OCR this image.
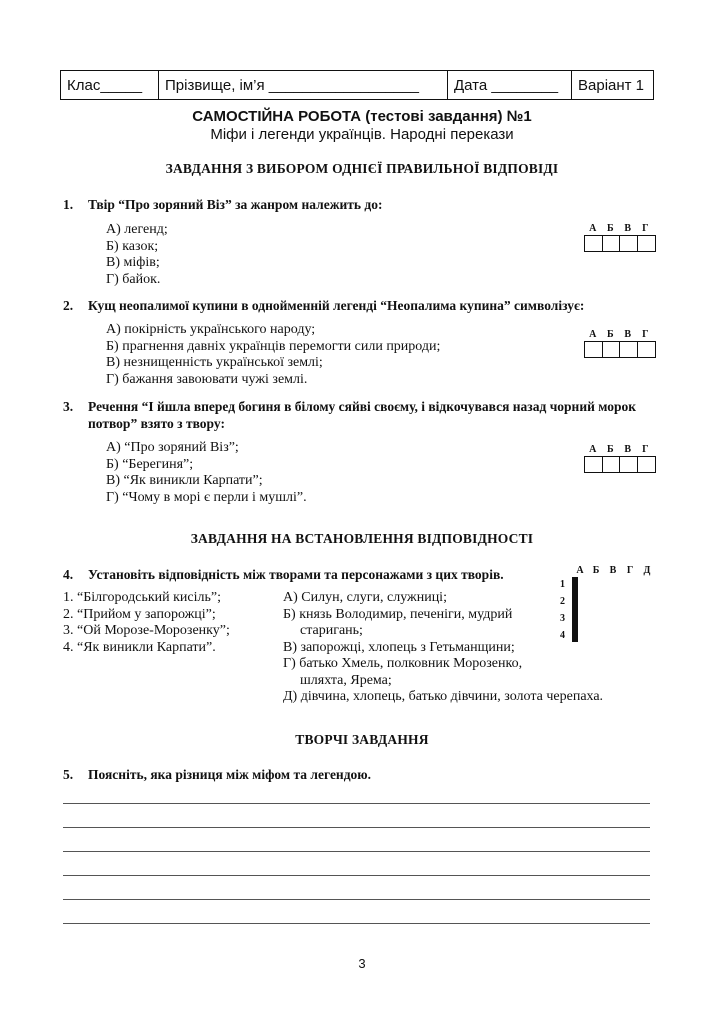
Клас_____	Прізвище, ім’я __________________	Дата ________	Варіант 1
САМОСТІЙНА РОБОТА (тестові завдання) №1
Міфи і легенди українців. Народні перекази
ЗАВДАННЯ З ВИБОРОМ ОДНІЄЇ ПРАВИЛЬНОЇ ВІДПОВІДІ
1. Твір “Про зоряний Віз” за жанром належить до:
А) легенд;
Б) казок;
В) міфів;
Г) байок.
А	Б	В	Г
2. Кущ неопалимої купини в однойменній легенді “Неопалима купина” символізує:
А) покірність українського народу;
Б) прагнення давніх українців перемогти сили природи;
В) незнищенність української землі;
Г) бажання завоювати чужі землі.
А	Б	В	Г
3. Речення “І йшла вперед богиня в білому сяйві своєму, і відкочувався назад чорний морок
потвор” взято з твору:
А) “Про зоряний Віз”;
Б) “Берегиня”;
В) “Як виникли Карпати”;
Г) “Чому в морі є перли і мушлі”.
А	Б	В	Г
ЗАВДАННЯ НА ВСТАНОВЛЕННЯ ВІДПОВІДНОСТІ
4. Установіть відповідність між творами та персонажами з цих творів.
1. “Білгородський кисіль”;
2. “Прийом у запорожці”;
3. “Ой Морозе-Морозенку”;
4. “Як виникли Карпати”.
А) Силун, слуги, служниці;
Б) князь Володимир, печеніги, мудрий
старигань;
В) запорожці, хлопець з Гетьманщини;
Г) батько Хмель, полковник Морозенко,
шляхта, Ярема;
Д) дівчина, хлопець, батько дівчини, золота черепаха.
А Б	В	Г	Д
1
2
3
4

ТВОРЧІ ЗАВДАННЯ
5. Поясніть, яка різниця між міфом та легендою.
3
